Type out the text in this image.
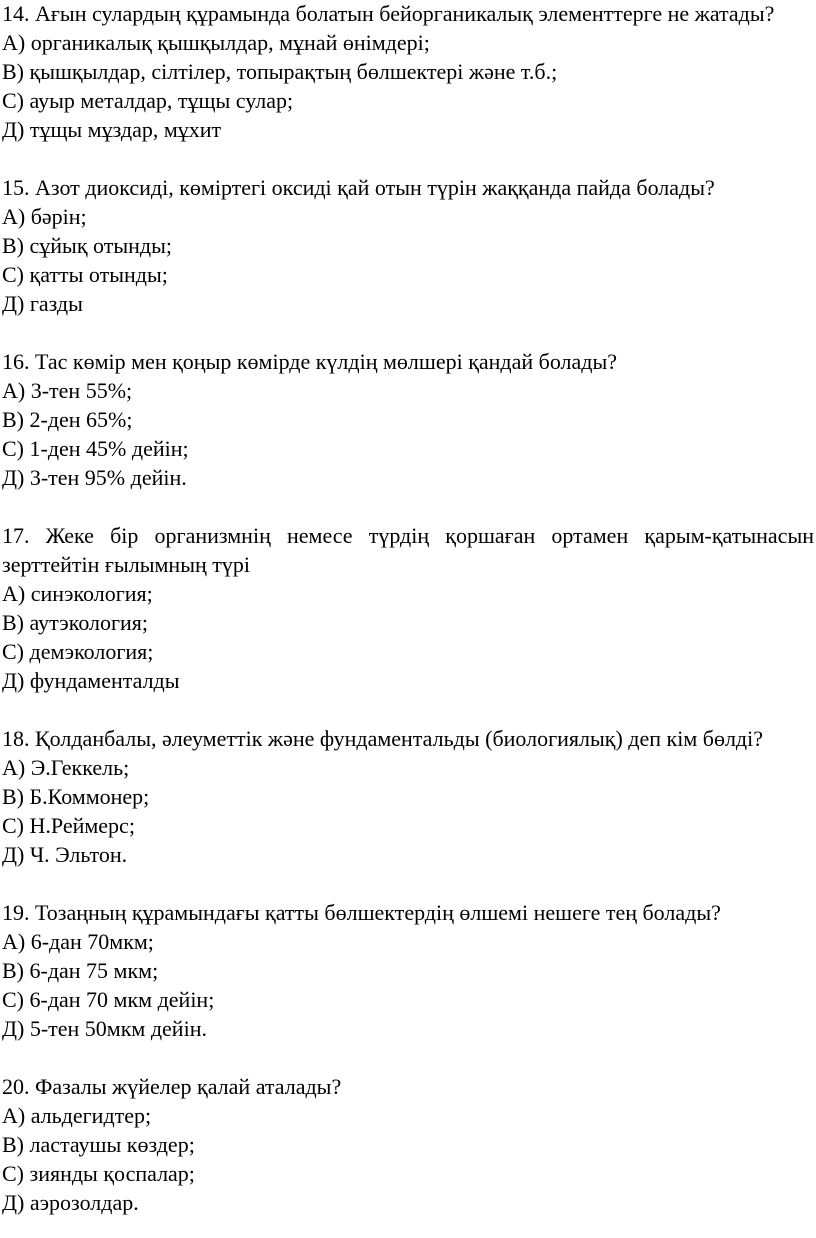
14. Ағын сулардың құрамында болатын бейорганикалық элементтерге не жатады?
А) органикалық қышқылдар, мұнай өнімдері;
В) қышқылдар, сілтілер, топырақтың бөлшектері және т.б.;
С) ауыр металдар, тұщы сулар;
Д) тұщы мұздар, мұхит
15. Азот диоксиді, көміртегі оксиді қай отын түрін жаққанда пайда болады?
А) бәрін;
В) сұйық отынды;
С) қатты отынды;
Д) газды
16. Тас көмір мен қоңыр көмірде күлдің мөлшері қандай болады?
А) 3-тен 55%;
В) 2-ден 65%;
С) 1-ден 45% дейін;
Д) 3-тен 95% дейін.
17. Жеке бір организмнің немесе түрдің қоршаған ортамен қарым-қатынасын зерттейтін ғылымның түрі
А) синэкология;
В) аутэкология;
С) демэкология;
Д) фундаменталды
18. Қолданбалы, әлеуметтік және фундаментальды (биологиялық) деп кім бөлді?
А) Э.Геккель;
В) Б.Коммонер;
С) Н.Реймерс;
Д) Ч. Эльтон.
19. Тозаңның құрамындағы қатты бөлшектердің өлшемі нешеге тең болады?
А) 6-дан 70мкм;
В) 6-дан 75 мкм;
С) 6-дан 70 мкм дейін;
Д) 5-тен 50мкм дейін.
20. Фазалы жүйелер қалай аталады?
А) альдегидтер;
В) ластаушы көздер;
С) зиянды қоспалар;
Д) аэрозолдар.
